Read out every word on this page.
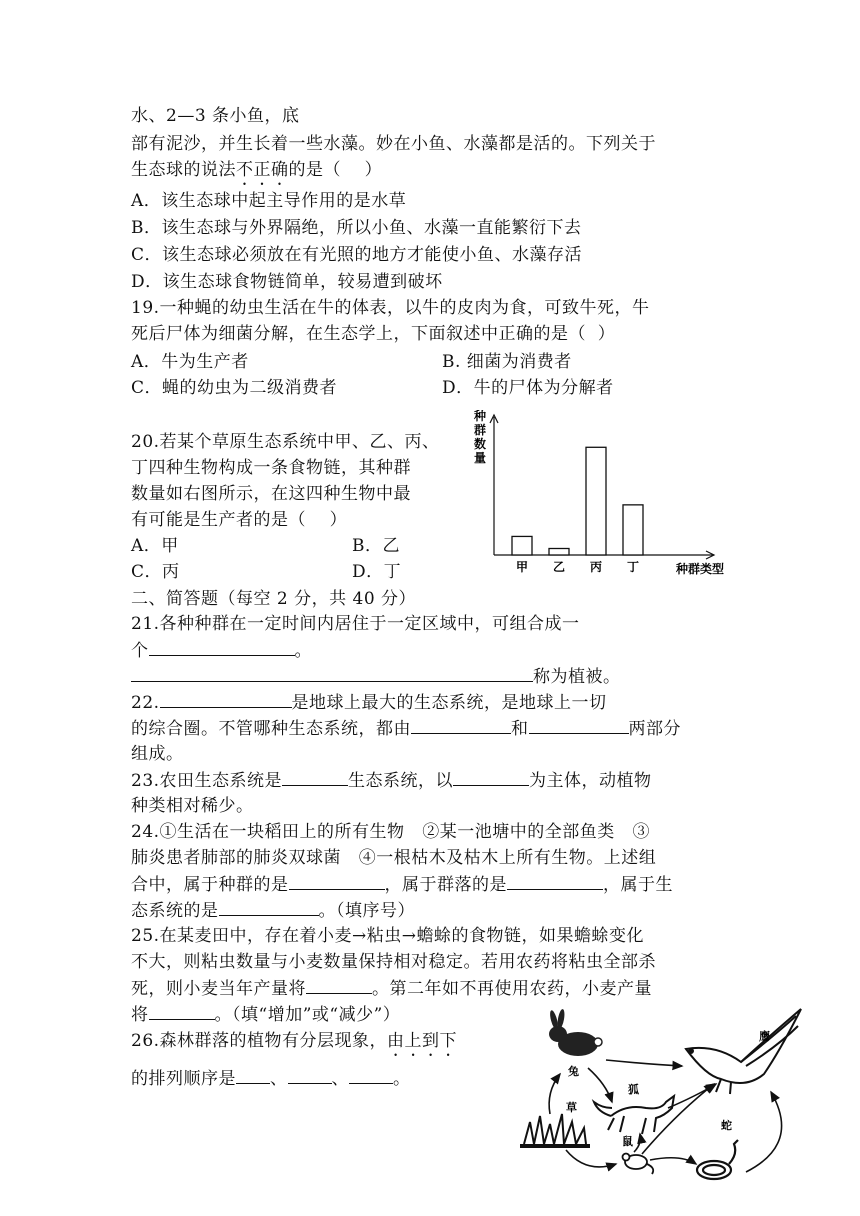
水、2—3 条小鱼，底
部有泥沙，并生长着一些水藻。妙在小鱼、水藻都是活的。下列关于
生态球的说法不正确的是（    ）
A．该生态球中起主导作用的是水草
B．该生态球与外界隔绝，所以小鱼、水藻一直能繁衍下去
C．该生态球必须放在有光照的地方才能使小鱼、水藻存活
D．该生态球食物链简单，较易遭到破坏
19.一种蝇的幼虫生活在牛的体表，以牛的皮肉为食，可致牛死，牛
死后尸体为细菌分解，在生态学上，下面叙述中正确的是（  ）
A．牛为生产者	B. 细菌为消费者
C．蝇的幼虫为二级消费者	D．牛的尸体为分解者
20.若某个草原生态系统中甲、乙、丙、
丁四种生物构成一条食物链，其种群
数量如右图所示，在这四种生物中最
有可能是生产者的是（    ）
A．甲	B．乙
C．丙	D．丁	甲 乙 丙 丁
种群数量
种群类型
二、简答题（每空 2 分，共 40 分）
21.各种种群在一定时间内居住于一定区域中，可组合成一
个	。
称为植被。
22.	是地球上最大的生态系统，是地球上一切
的综合圈。不管哪种生态系统，都由	和	两部分
组成。
23.农田生态系统是	生态系统，以	为主体，动植物
种类相对稀少。
24.①生活在一块稻田上的所有生物   ②某一池塘中的全部鱼类   ③
肺炎患者肺部的肺炎双球菌   ④一根枯木及枯木上所有生物。上述组
合中，属于种群的是	，属于群落的是	，属于生
态系统的是	。（填序号）
25.在某麦田中，存在着小麦→粘虫→蟾蜍的食物链，如果蟾蜍变化
不大，则粘虫数量与小麦数量保持相对稳定。若用农药将粘虫全部杀
死，则小麦当年产量将	。第二年如不再使用农药，小麦产量
将	。（填“增加”或“减少”）
26.森林群落的植物有分层现象，由上到下
的排列顺序是 、	、	。	兔
鹰
狐
草
鼠
蛇
